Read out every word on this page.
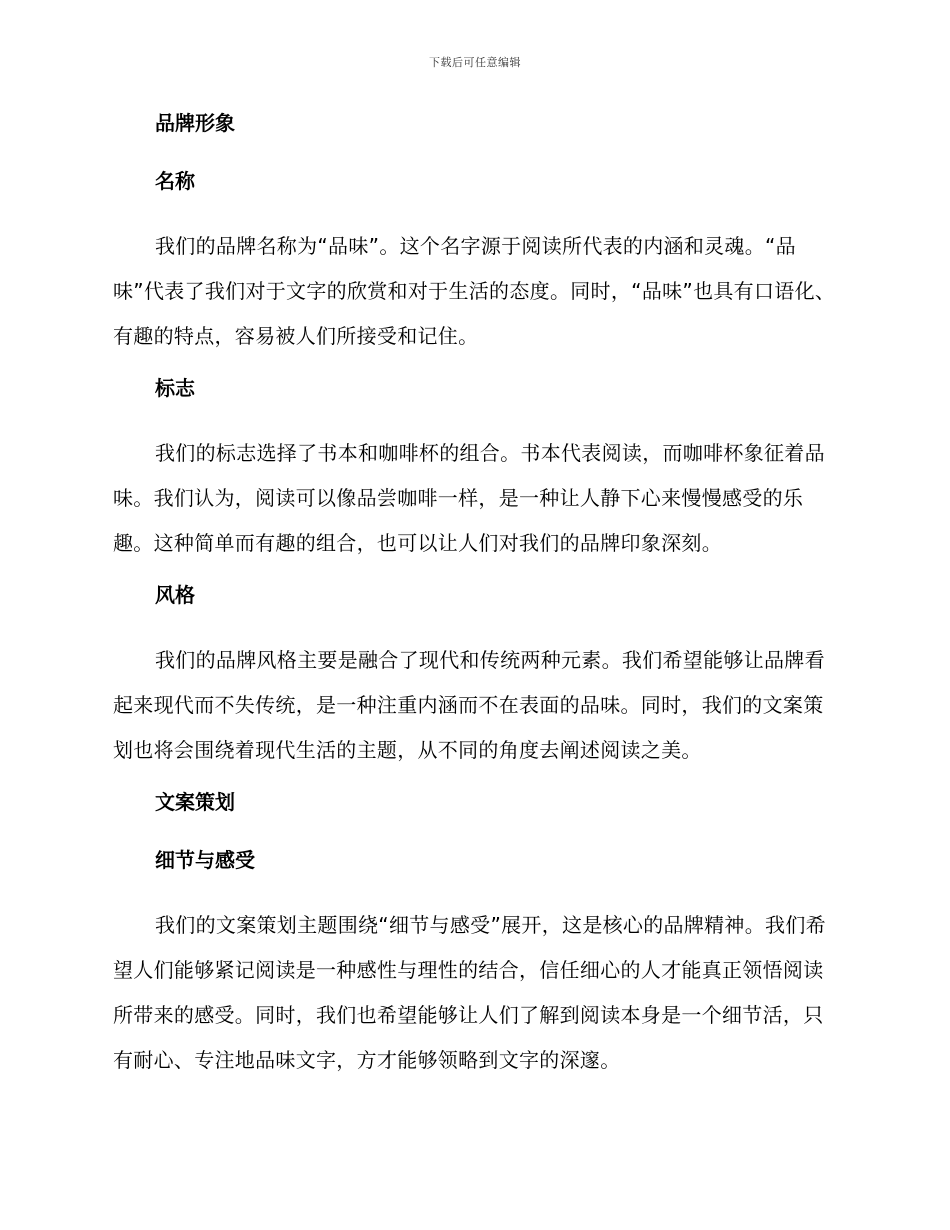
下载后可任意编辑
品牌形象
名称

我们的品牌名称为“品味”。这个名字源于阅读所代表的内涵和灵魂。“品味”代表了我们对于文字的欣赏和对于生活的态度。同时，“品味”也具有口语化、有趣的特点，容易被人们所接受和记住。

标志

我们的标志选择了书本和咖啡杯的组合。书本代表阅读，而咖啡杯象征着品味。我们认为，阅读可以像品尝咖啡一样，是一种让人静下心来慢慢感受的乐趣。这种简单而有趣的组合，也可以让人们对我们的品牌印象深刻。

风格

我们的品牌风格主要是融合了现代和传统两种元素。我们希望能够让品牌看起来现代而不失传统，是一种注重内涵而不在表面的品味。同时，我们的文案策划也将会围绕着现代生活的主题，从不同的角度去阐述阅读之美。

文案策划
细节与感受

我们的文案策划主题围绕“细节与感受”展开，这是核心的品牌精神。我们希望人们能够紧记阅读是一种感性与理性的结合，信任细心的人才能真正领悟阅读所带来的感受。同时，我们也希望能够让人们了解到阅读本身是一个细节活，只有耐心、专注地品味文字，方才能够领略到文字的深邃。
